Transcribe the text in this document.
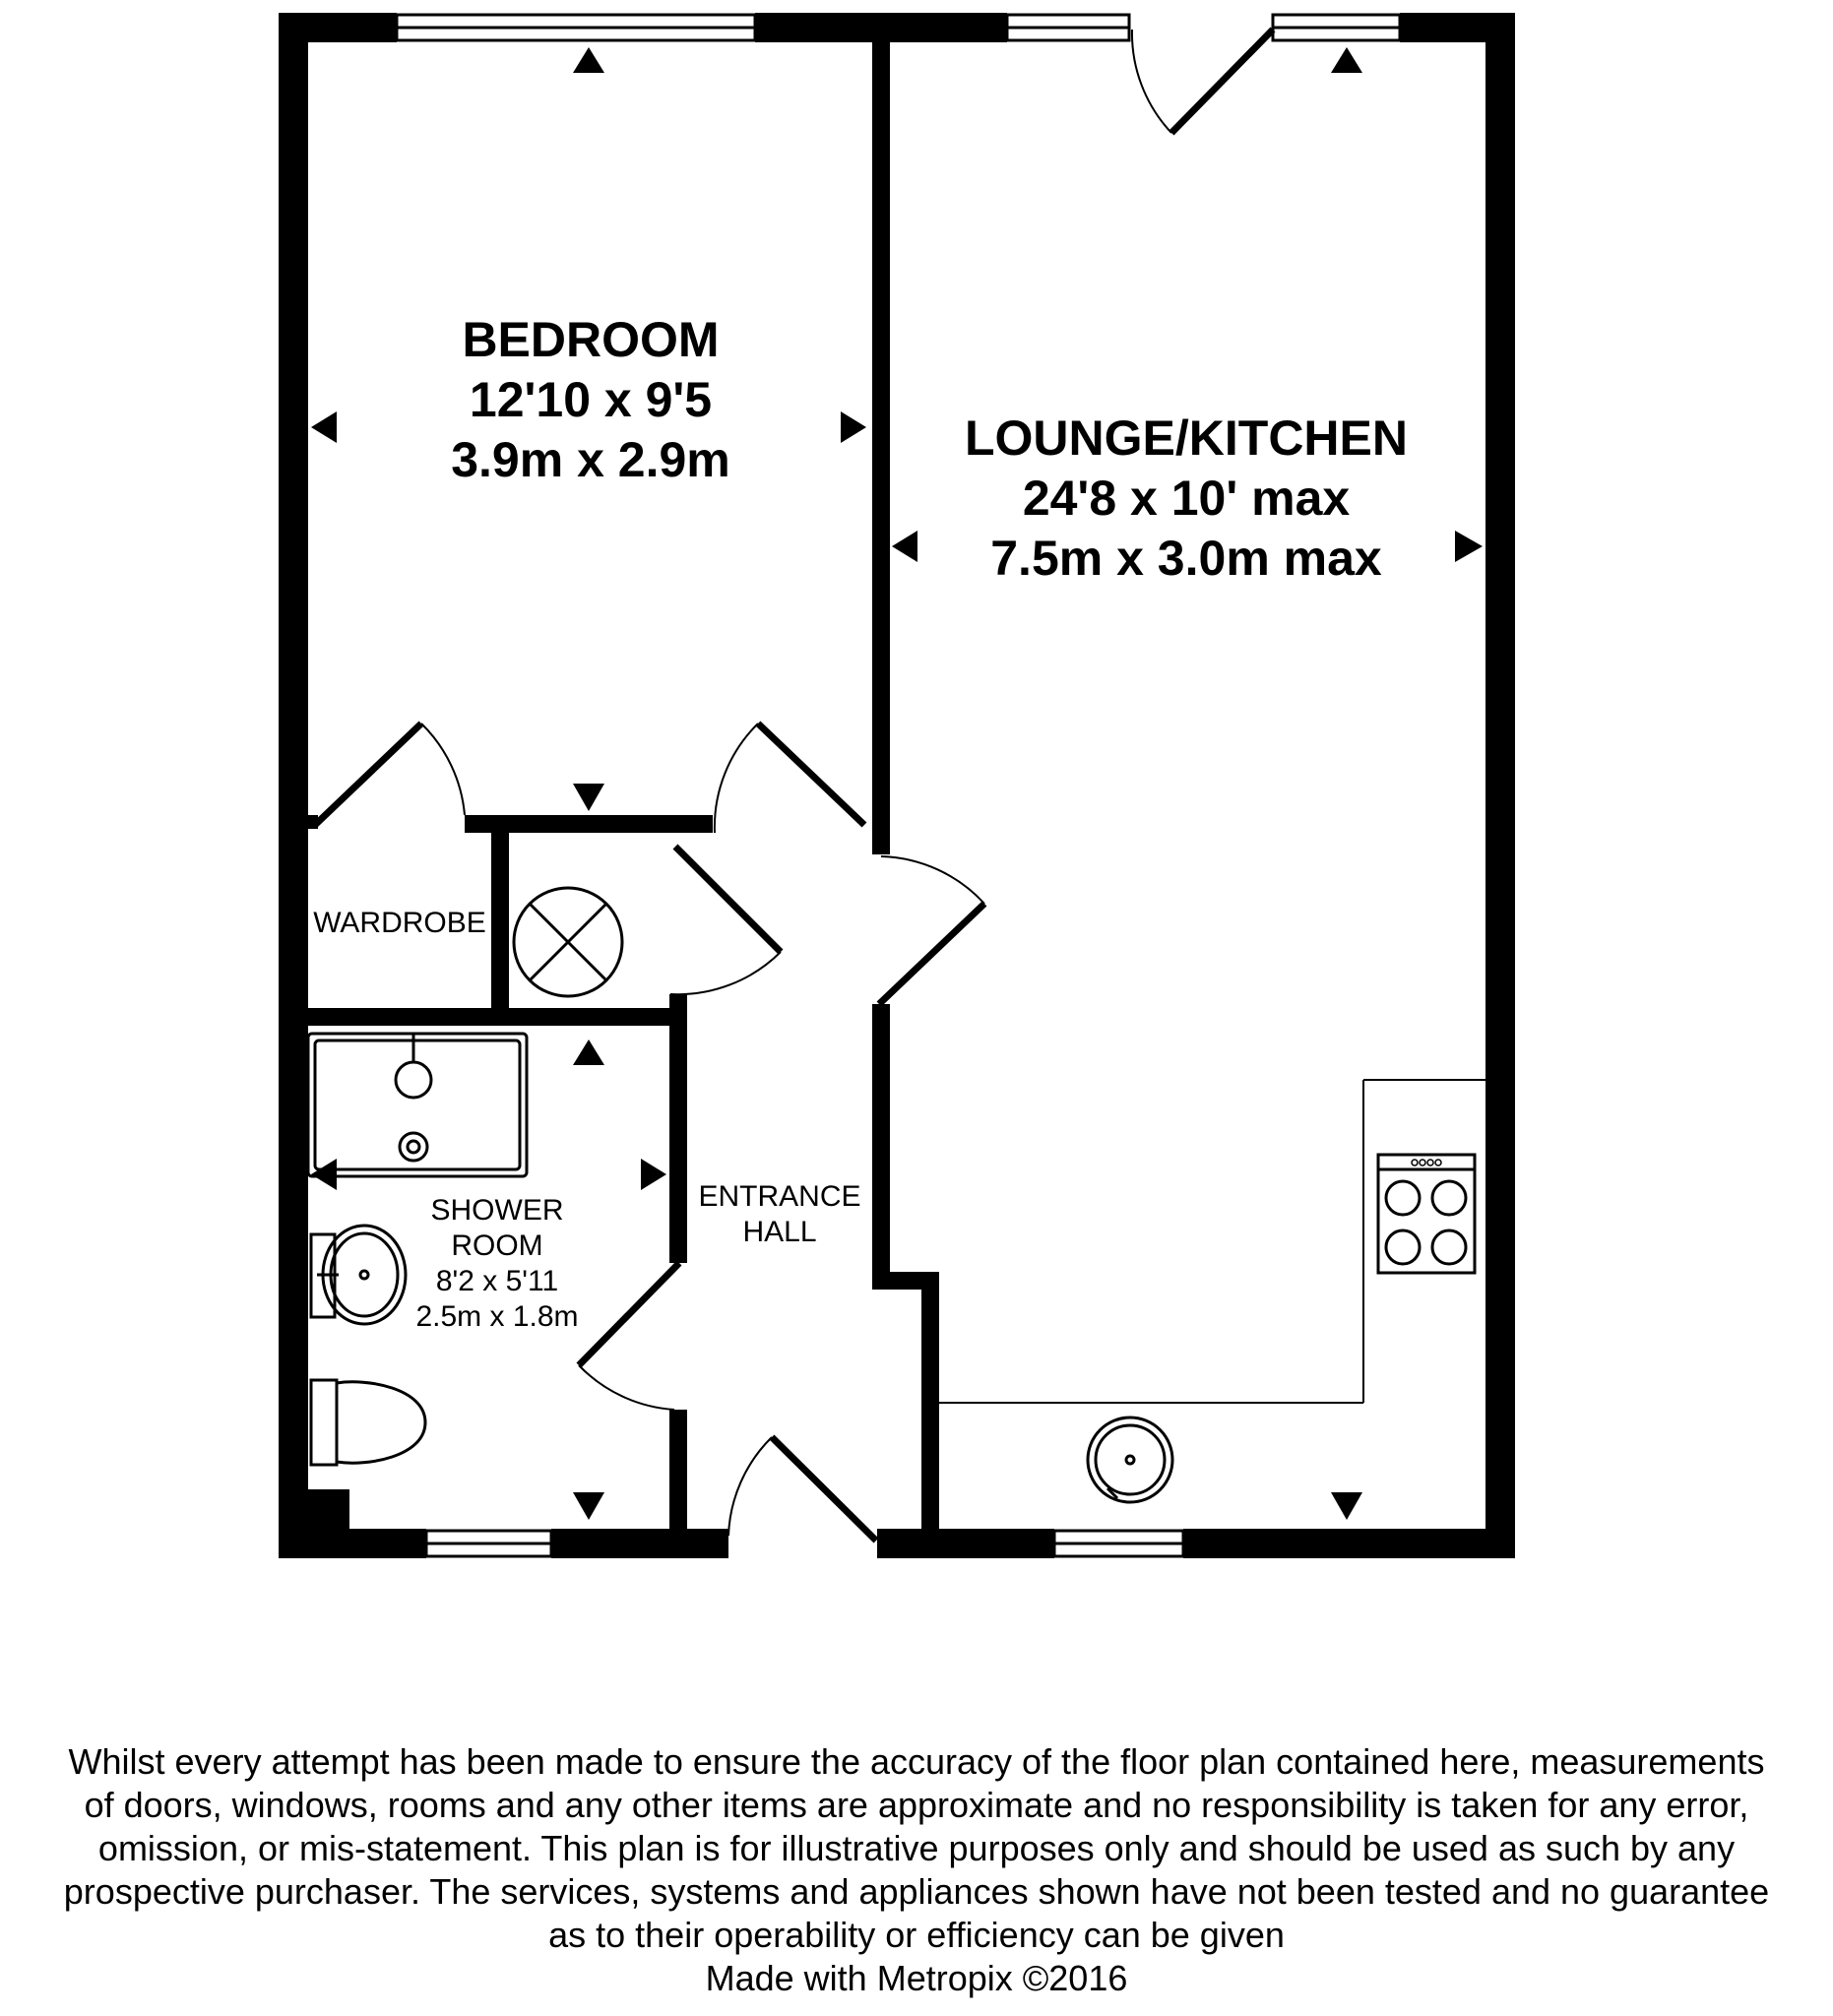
BEDROOM
12'10 x 9'5
3.9m x 2.9m	LOUNGE/KITCHEN
24'8 x 10' max
7.5m x 3.0m max
WARDROBE
SHOWER
ROOM
8'2 x 5'11
2.5m x 1.8m
ENTRANCE
HALL
Whilst every attempt has been made to ensure the accuracy of the floor plan contained here, measurements
of doors, windows, rooms and any other items are approximate and no responsibility is taken for any error,
omission, or mis-statement. This plan is for illustrative purposes only and should be used as such by any
prospective purchaser. The services, systems and appliances shown have not been tested and no guarantee
as to their operability or efficiency can be given
Made with Metropix ©2016
